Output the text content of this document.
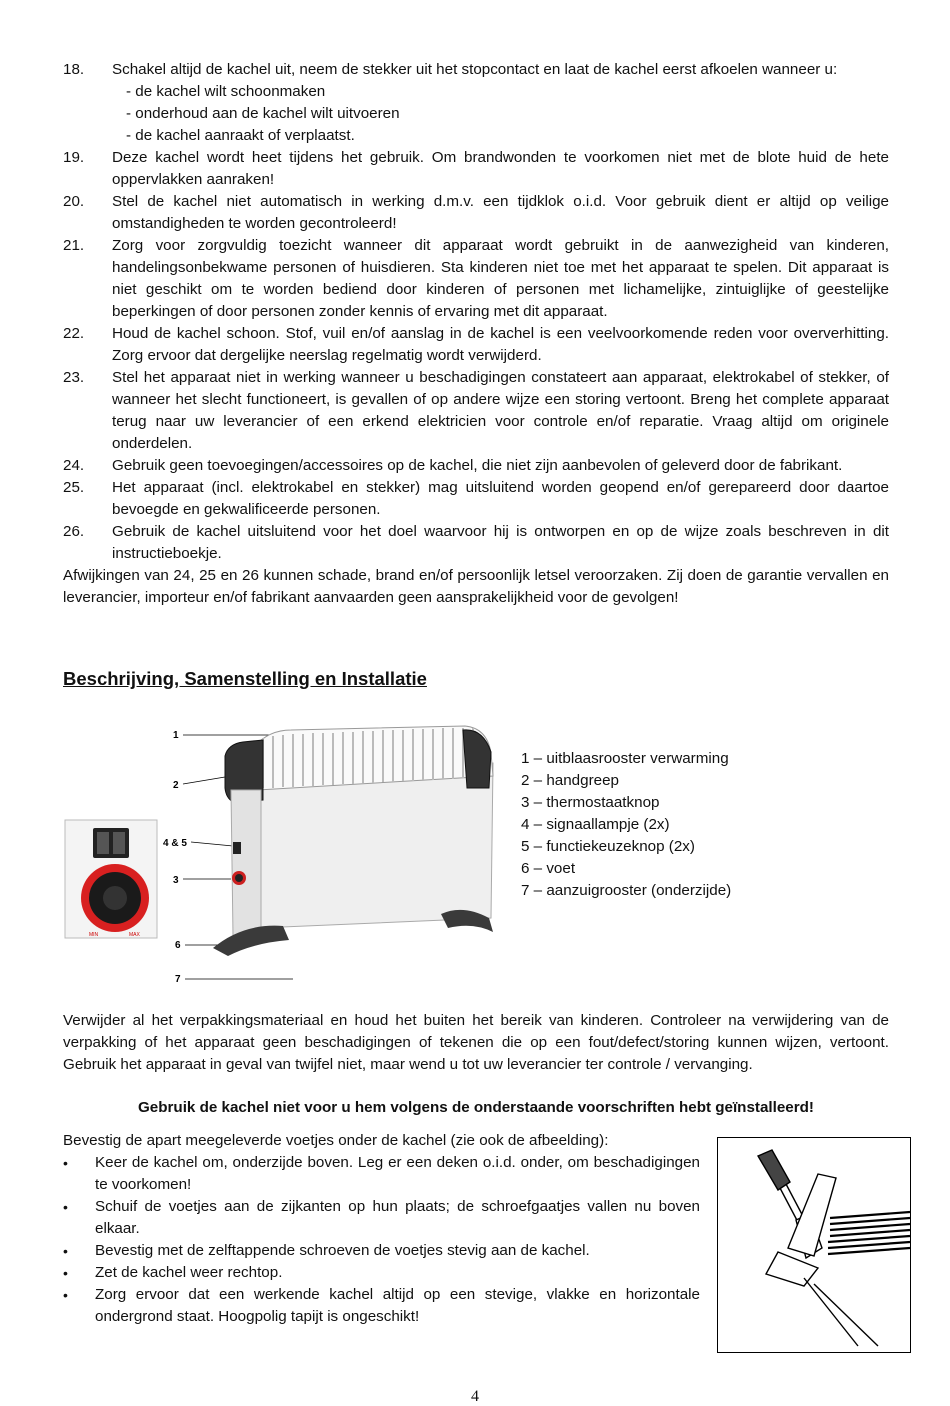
18.	Schakel altijd de kachel uit, neem de stekker uit het stopcontact en laat de kachel eerst afkoelen wanneer u:
- de kachel wilt schoonmaken
- onderhoud aan de kachel wilt uitvoeren
- de kachel aanraakt of verplaatst.
19.	Deze kachel wordt heet tijdens het gebruik. Om brandwonden te voorkomen niet met de blote huid de hete oppervlakken aanraken!
20.	Stel de kachel niet automatisch in werking d.m.v. een tijdklok o.i.d. Voor gebruik dient er altijd op veilige omstandigheden te worden gecontroleerd!
21.	Zorg voor zorgvuldig toezicht wanneer dit apparaat wordt gebruikt in de aanwezigheid van kinderen, handelingsonbekwame personen of huisdieren. Sta kinderen niet toe met het apparaat te spelen. Dit apparaat is niet geschikt om te worden bediend door kinderen of personen met lichamelijke, zintuiglijke of geestelijke beperkingen of door personen zonder kennis of ervaring met dit apparaat.
22.	Houd de kachel schoon. Stof, vuil en/of aanslag in de kachel is een veelvoorkomende reden voor oververhitting. Zorg ervoor dat dergelijke neerslag regelmatig wordt verwijderd.
23.	Stel het apparaat niet in werking wanneer u beschadigingen constateert aan apparaat, elektrokabel of stekker, of wanneer het slecht functioneert, is gevallen of op andere wijze een storing vertoont. Breng het complete apparaat terug naar uw leverancier of een erkend elektricien voor controle en/of reparatie. Vraag altijd om originele onderdelen.
24.	Gebruik geen toevoegingen/accessoires op de kachel, die niet zijn aanbevolen of geleverd door de fabrikant.
25.	Het apparaat (incl. elektrokabel en stekker) mag uitsluitend worden geopend en/of gerepareerd door daartoe bevoegde en gekwalificeerde personen.
26.	Gebruik de kachel uitsluitend voor het doel waarvoor hij is ontworpen en op de wijze zoals beschreven in dit instructieboekje.
Afwijkingen van 24, 25 en 26 kunnen schade, brand en/of persoonlijk letsel veroorzaken. Zij doen de garantie vervallen en leverancier, importeur en/of fabrikant aanvaarden geen aansprakelijkheid voor de gevolgen!
Beschrijving, Samenstelling en Installatie
1
2
4 & 5
3
6
7
MIN	MAX
1 – uitblaasrooster verwarming
2 – handgreep
3 – thermostaatknop
4 – signaallampje (2x)
5 – functiekeuzeknop (2x)
6 – voet
7 – aanzuigrooster (onderzijde)
Verwijder al het verpakkingsmateriaal en houd het buiten het bereik van kinderen. Controleer na verwijdering van de verpakking of het apparaat geen beschadigingen of tekenen die op een fout/defect/storing kunnen wijzen, vertoont. Gebruik het apparaat in geval van twijfel niet, maar wend u tot uw leverancier ter controle / vervanging.
Gebruik de kachel niet voor u hem volgens de onderstaande voorschriften hebt geïnstalleerd!
Bevestig de apart meegeleverde voetjes onder de kachel (zie ook de afbeelding):
•	Keer de kachel om, onderzijde boven. Leg er een deken o.i.d. onder, om beschadigingen te voorkomen!
•	Schuif de voetjes aan de zijkanten op hun plaats; de schroefgaatjes vallen nu boven elkaar.
•	Bevestig met de zelftappende schroeven de voetjes stevig aan de kachel.
•	Zet de kachel weer rechtop.
•	Zorg ervoor dat een werkende kachel altijd op een stevige, vlakke en horizontale ondergrond staat. Hoogpolig tapijt is ongeschikt!
4
